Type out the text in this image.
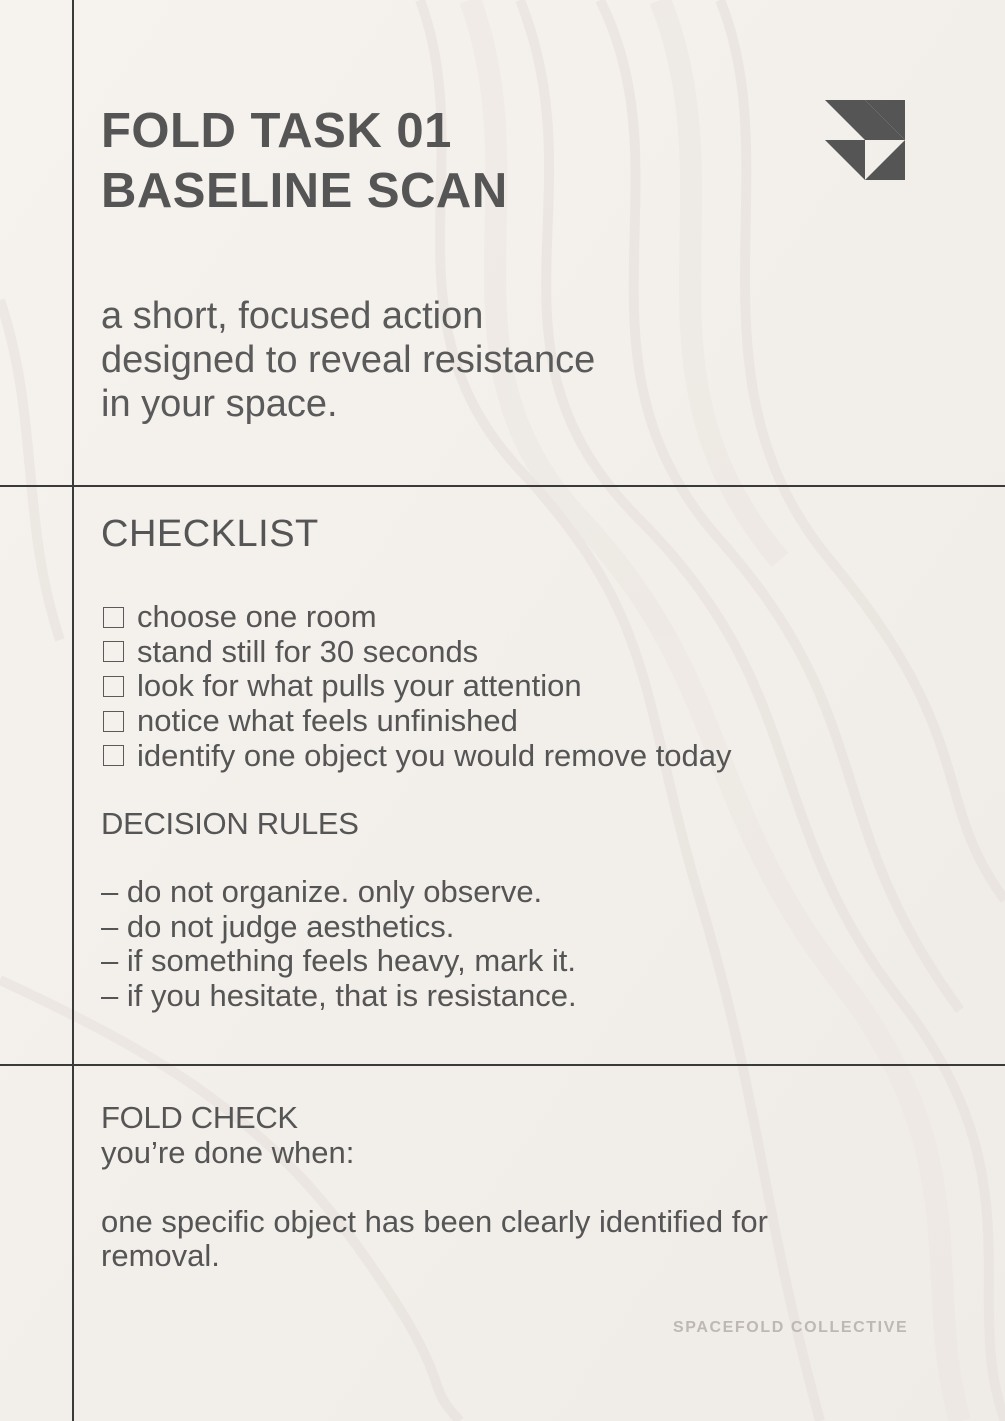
FOLD TASK 01
BASELINE SCAN

a short, focused action
designed to reveal resistance
in your space.

CHECKLIST
choose one room
stand still for 30 seconds
look for what pulls your attention
notice what feels unfinished
identify one object you would remove today
DECISION RULES
– do not organize. only observe.
– do not judge aesthetics.
– if something feels heavy, mark it.
– if you hesitate, that is resistance.
FOLD CHECK
you’re done when:
one specific object has been clearly identified for removal.
SPACEFOLD COLLECTIVE
